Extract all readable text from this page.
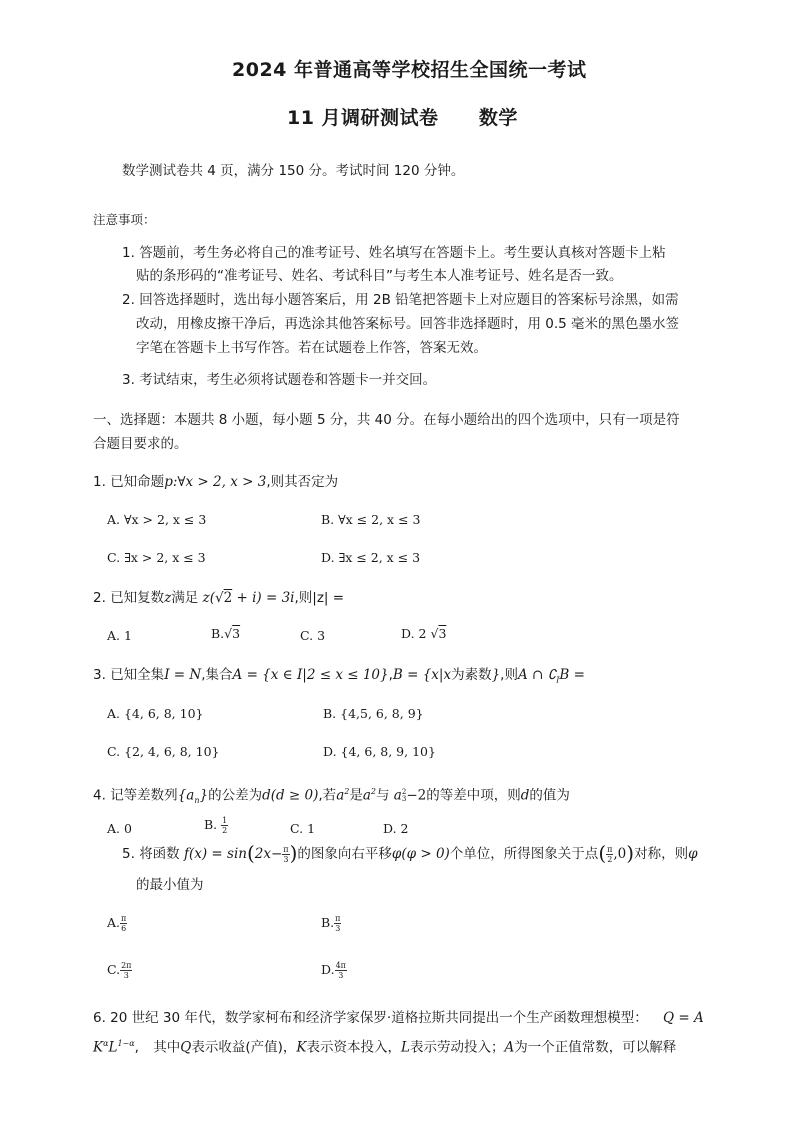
2024 年普通高等学校招生全国统一考试
11 月调研测试卷 数学
数学测试卷共 4 页，满分 150 分。考试时间 120 分钟。
注意事项：
1. 答题前，考生务必将自己的准考证号、姓名填写在答题卡上。考生要认真核对答题卡上粘
贴的条形码的“准考证号、姓名、考试科目”与考生本人准考证号、姓名是否一致。
2. 回答选择题时，选出每小题答案后，用 2B 铅笔把答题卡上对应题目的答案标号涂黑，如需
改动，用橡皮擦干净后，再选涂其他答案标号。回答非选择题时，用 0.5 毫米的黑色墨水签
字笔在答题卡上书写作答。若在试题卷上作答，答案无效。
3. 考试结束，考生必须将试题卷和答题卡一并交回。
一、选择题：本题共 8 小题，每小题 5 分，共 40 分。在每小题给出的四个选项中，只有一项是符
合题目要求的。
1. 已知命题p:∀x > 2, x > 3,则其否定为
A. ∀x > 2, x ≤ 3	B. ∀x ≤ 2, x ≤ 3
C. ∃x > 2, x ≤ 3	D. ∃x ≤ 2, x ≤ 3
2. 已知复数z满足 z(√2 + i) = 3i,则|z| =
A. 1	B.√3	C. 3	D. 2 √3
3. 已知全集I = N,集合A = {x ∈ I|2 ≤ x ≤ 10},B = {x|x为素数},则A ∩ $∁_IB$ =
A. {4, 6, 8, 10}	B. {4,5, 6, 8, 9}
C. {2, 4, 6, 8, 10}	D. {4, 6, 8, 9, 10}
4. 记等差数列$\{a_n\}$的公差为d(d ≥ 0),若$a^2$是$a^2$与 a 2
3 −2的等差中项，则d的值为
A. 0	B. $\frac{1}{2}$	C. 1	D. 2
5. 将函数 $f(x) = \sin(2x- \frac{\pi}{3}$ )的图象向右平移φ(φ > 0)个单位，所得图象关于点( $\frac{\pi}{2} ,0$)对称，则φ
的最小值为
A. $\frac{\pi}{6}$	B. $\frac{\pi}{3}$
C. $\frac{2\pi}{3}$	D. $\frac{4\pi}{3}$
6. 20 世纪 30 年代，数学家柯布和经济学家保罗·道格拉斯共同提出一个生产函数理想模型： Q = A
$K^\alpha L^{1-\alpha}$, 其中Q表示收益(产值)，K表示资本投入，L表示劳动投入；A为一个正值常数，可以解释
